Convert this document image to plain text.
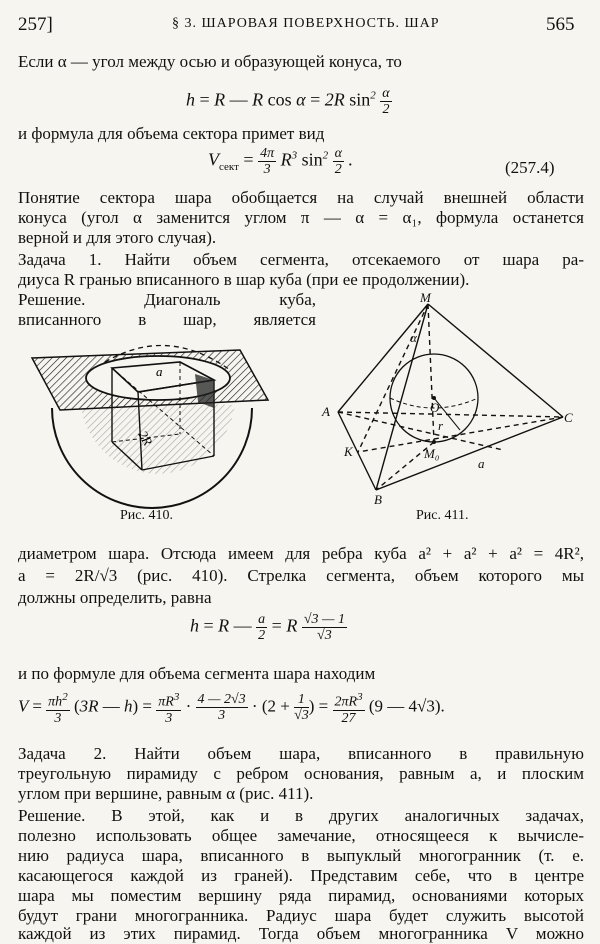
257]	§ 3. ШАРОВАЯ ПОВЕРХНОСТЬ. ШАР	565
Если α — угол между осью и образующей конуса, то
h = R — R cos α = 2R $\sin^2 \frac{\alpha}{2}$
и формула для объема сектора примет вид
$V_{сект} = \frac{4\pi}{3} R^3$ $\sin^2 \frac{\alpha}{2}$ .	(257.4)
Понятие сектора шара обобщается на случай внешней области
конуса (угол α заменится углом π — α = α₁, формула останется
верной и для этого случая).
Задача 1. Найти объем сегмента, отсекаемого от шара ра-
диуса R гранью вписанного в шар куба (при ее продолжении).
Решение. Диагональ куба,
вписанного в шар, является
a
2R
Рис. 410.
M
A	C
B
K	M₀
a
α
O
r
Рис. 411.
диаметром шара. Отсюда имеем для ребра куба a² + a² + a² = 4R²,
a = 2R/√3 (рис. 410). Стрелка сегмента, объем которого мы
должны определить, равна
h = R — $\frac{a}{2} = R \frac{√3 — 1}{√3}$
и по формуле для объема сегмента шара находим
$V = \frac{\pi h^2}{3} (3R$ — $h) = \frac{\pi R^3}{3} \cdot \frac{4 — 2√3}{3} \cdot (2 + \frac{1}{√3}$ ) = $\frac{2\pi R^3}{27} (9$ — 4√3).
Задача 2. Найти объем шара, вписанного в правильную
треугольную пирамиду с ребром основания, равным a, и плоским
углом при вершине, равным α (рис. 411).
Решение. В этой, как и в других аналогичных задачах,
полезно использовать общее замечание, относящееся к вычисле-
нию радиуса шара, вписанного в выпуклый многогранник (т. е.
касающегося каждой из граней). Представим себе, что в центре
шара мы поместим вершину ряда пирамид, основаниями которых
будут грани многогранника. Радиус шара будет служить высотой
каждой из этих пирамид. Тогда объем многогранника V можно
